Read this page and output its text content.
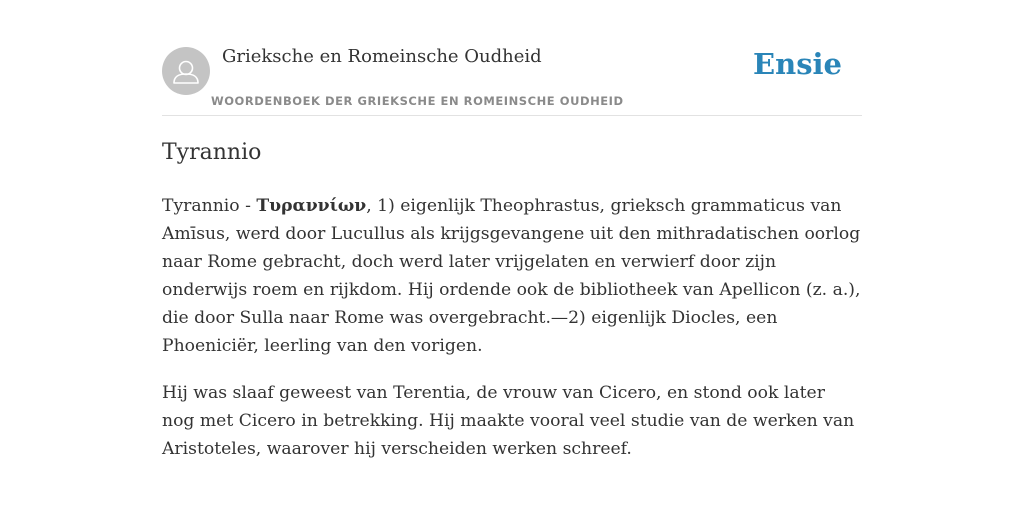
Grieksche en Romeinsche Oudheid
WOORDENBOEK DER GRIEKSCHE EN ROMEINSCHE OUDHEID
Ensie
Tyrannio

Tyrannio - Τυραννίων, 1) eigenlijk Theophrastus, grieksch grammaticus van Amīsus, werd door Lucullus als krijgsgevangene uit den mithradatischen oorlog naar Rome gebracht, doch werd later vrijgelaten en verwierf door zijn onderwijs roem en rijkdom. Hij ordende ook de bibliotheek van Apellicon (z. a.), die door Sulla naar Rome was overgebracht.—2) eigenlijk Diocles, een Phoeniciër, leerling van den vorigen.

Hij was slaaf geweest van Terentia, de vrouw van Cicero, en stond ook later nog met Cicero in betrekking. Hij maakte vooral veel studie van de werken van Aristoteles, waarover hij verscheiden werken schreef.
